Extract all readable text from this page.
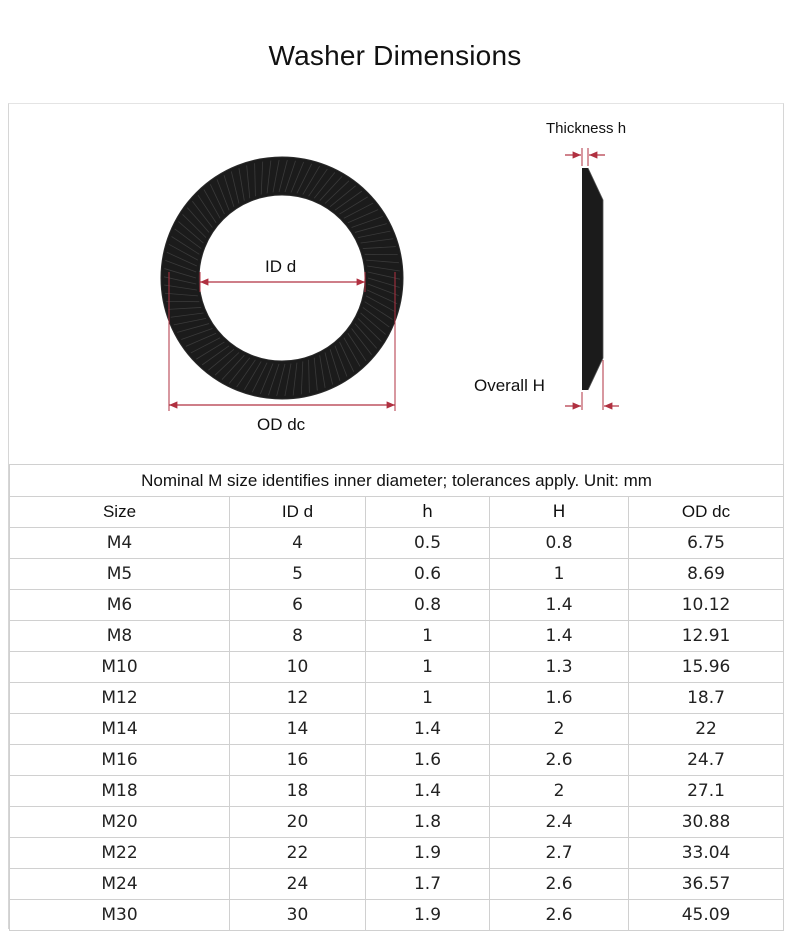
Washer Dimensions
ID d
OD dc
Thickness h
Overall H
Nominal M size identifies inner diameter; tolerances apply. Unit: mm				
Size	ID d	h	H	OD dc
M4	4	0.5	0.8	6.75
M5	5	0.6	1	8.69
M6	6	0.8	1.4	10.12
M8	8	1	1.4	12.91
M10	10	1	1.3	15.96
M12	12	1	1.6	18.7
M14	14	1.4	2	22
M16	16	1.6	2.6	24.7
M18	18	1.4	2	27.1
M20	20	1.8	2.4	30.88
M22	22	1.9	2.7	33.04
M24	24	1.7	2.6	36.57
M30	30	1.9	2.6	45.09
